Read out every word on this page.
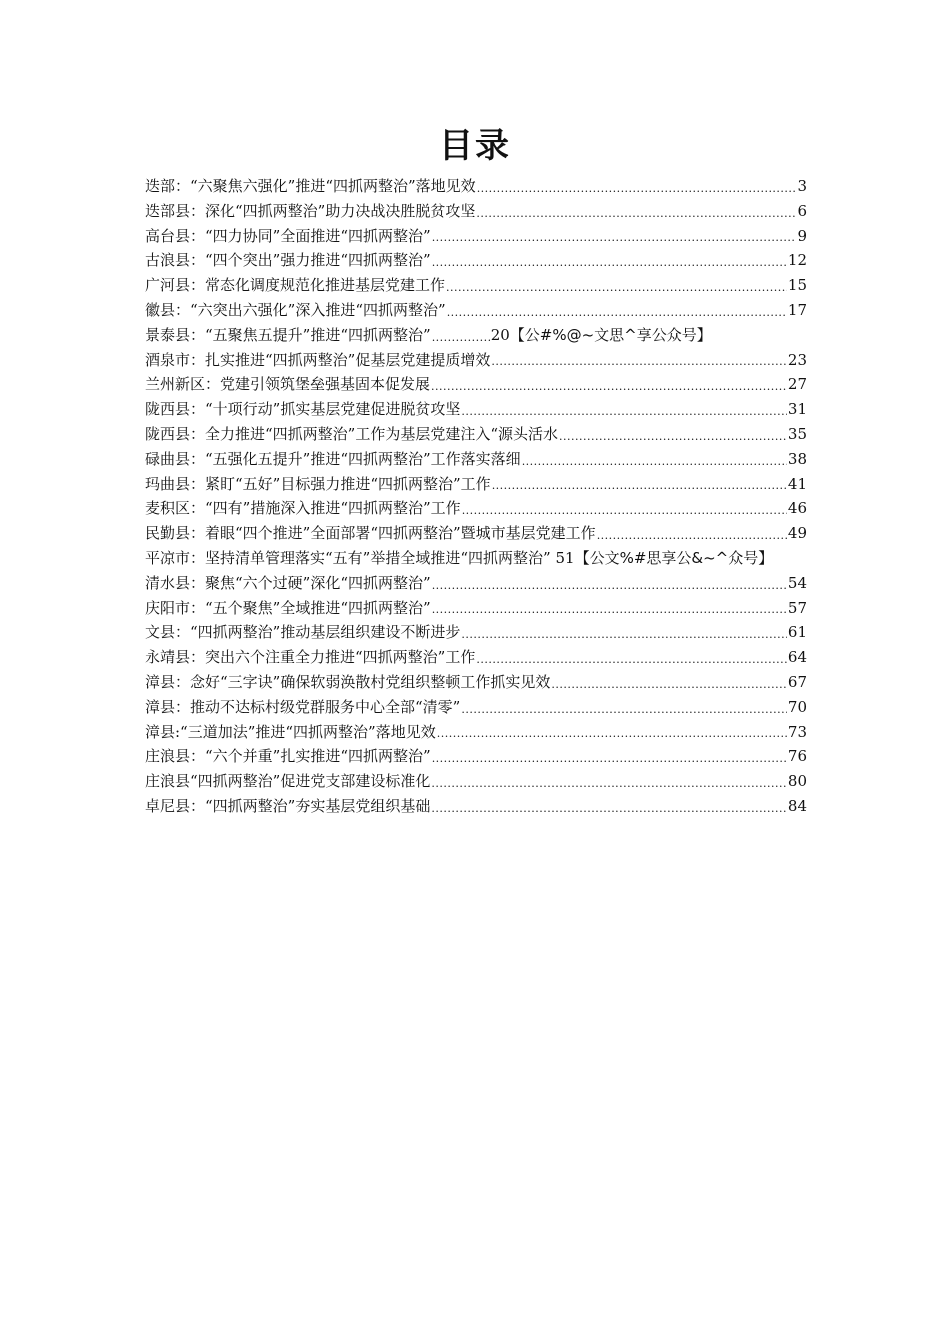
目录
迭部：“六聚焦六强化”推进“四抓两整治”落地见效 .....	3
迭部县：深化“四抓两整治”助力决战决胜脱贫攻坚 .....	6
高台县：“四力协同”全面推进“四抓两整治” .....	9
古浪县：“四个突出”强力推进“四抓两整治” .....	12
广河县：常态化调度规范化推进基层党建工作 .....	15
徽县：“六突出六强化”深入推进“四抓两整治” .....	17
景泰县：“五聚焦五提升”推进“四抓两整治” .....	20 【公#%@~文思^享公众号】
酒泉市：扎实推进“四抓两整治”促基层党建提质增效 .....	23
兰州新区：党建引领筑堡垒强基固本促发展 .....	27
陇西县：“十项行动”抓实基层党建促进脱贫攻坚 .....	31
陇西县：全力推进“四抓两整治”工作为基层党建注入“源头活水 .....	35
碌曲县：“五强化五提升”推进“四抓两整治”工作落实落细 .....	38
玛曲县：紧盯“五好”目标强力推进“四抓两整治”工作 .....	41
麦积区：“四有”措施深入推进“四抓两整治”工作 .....	46
民勤县：着眼“四个推进”全面部署“四抓两整治”暨城市基层党建工作 .....	49
平凉市：坚持清单管理落实“五有”举措全域推进“四抓两整治” 51【公文%#思享公&~^众号】
清水县：聚焦“六个过硬”深化“四抓两整治” .....	54
庆阳市：“五个聚焦”全域推进“四抓两整治” .....	57
文县：“四抓两整治”推动基层组织建设不断进步 .....	61
永靖县：突出六个注重全力推进“四抓两整治”工作 .....	64
漳县：念好“三字诀”确保软弱涣散村党组织整顿工作抓实见效 .....	67
漳县：推动不达标村级党群服务中心全部“清零” .....	70
漳县:“三道加法”推进“四抓两整治”落地见效 .....	73
庄浪县：“六个并重”扎实推进“四抓两整治” .....	76
庄浪县“四抓两整治”促进党支部建设标准化 .....	80
卓尼县：“四抓两整治”夯实基层党组织基础 .....	84
